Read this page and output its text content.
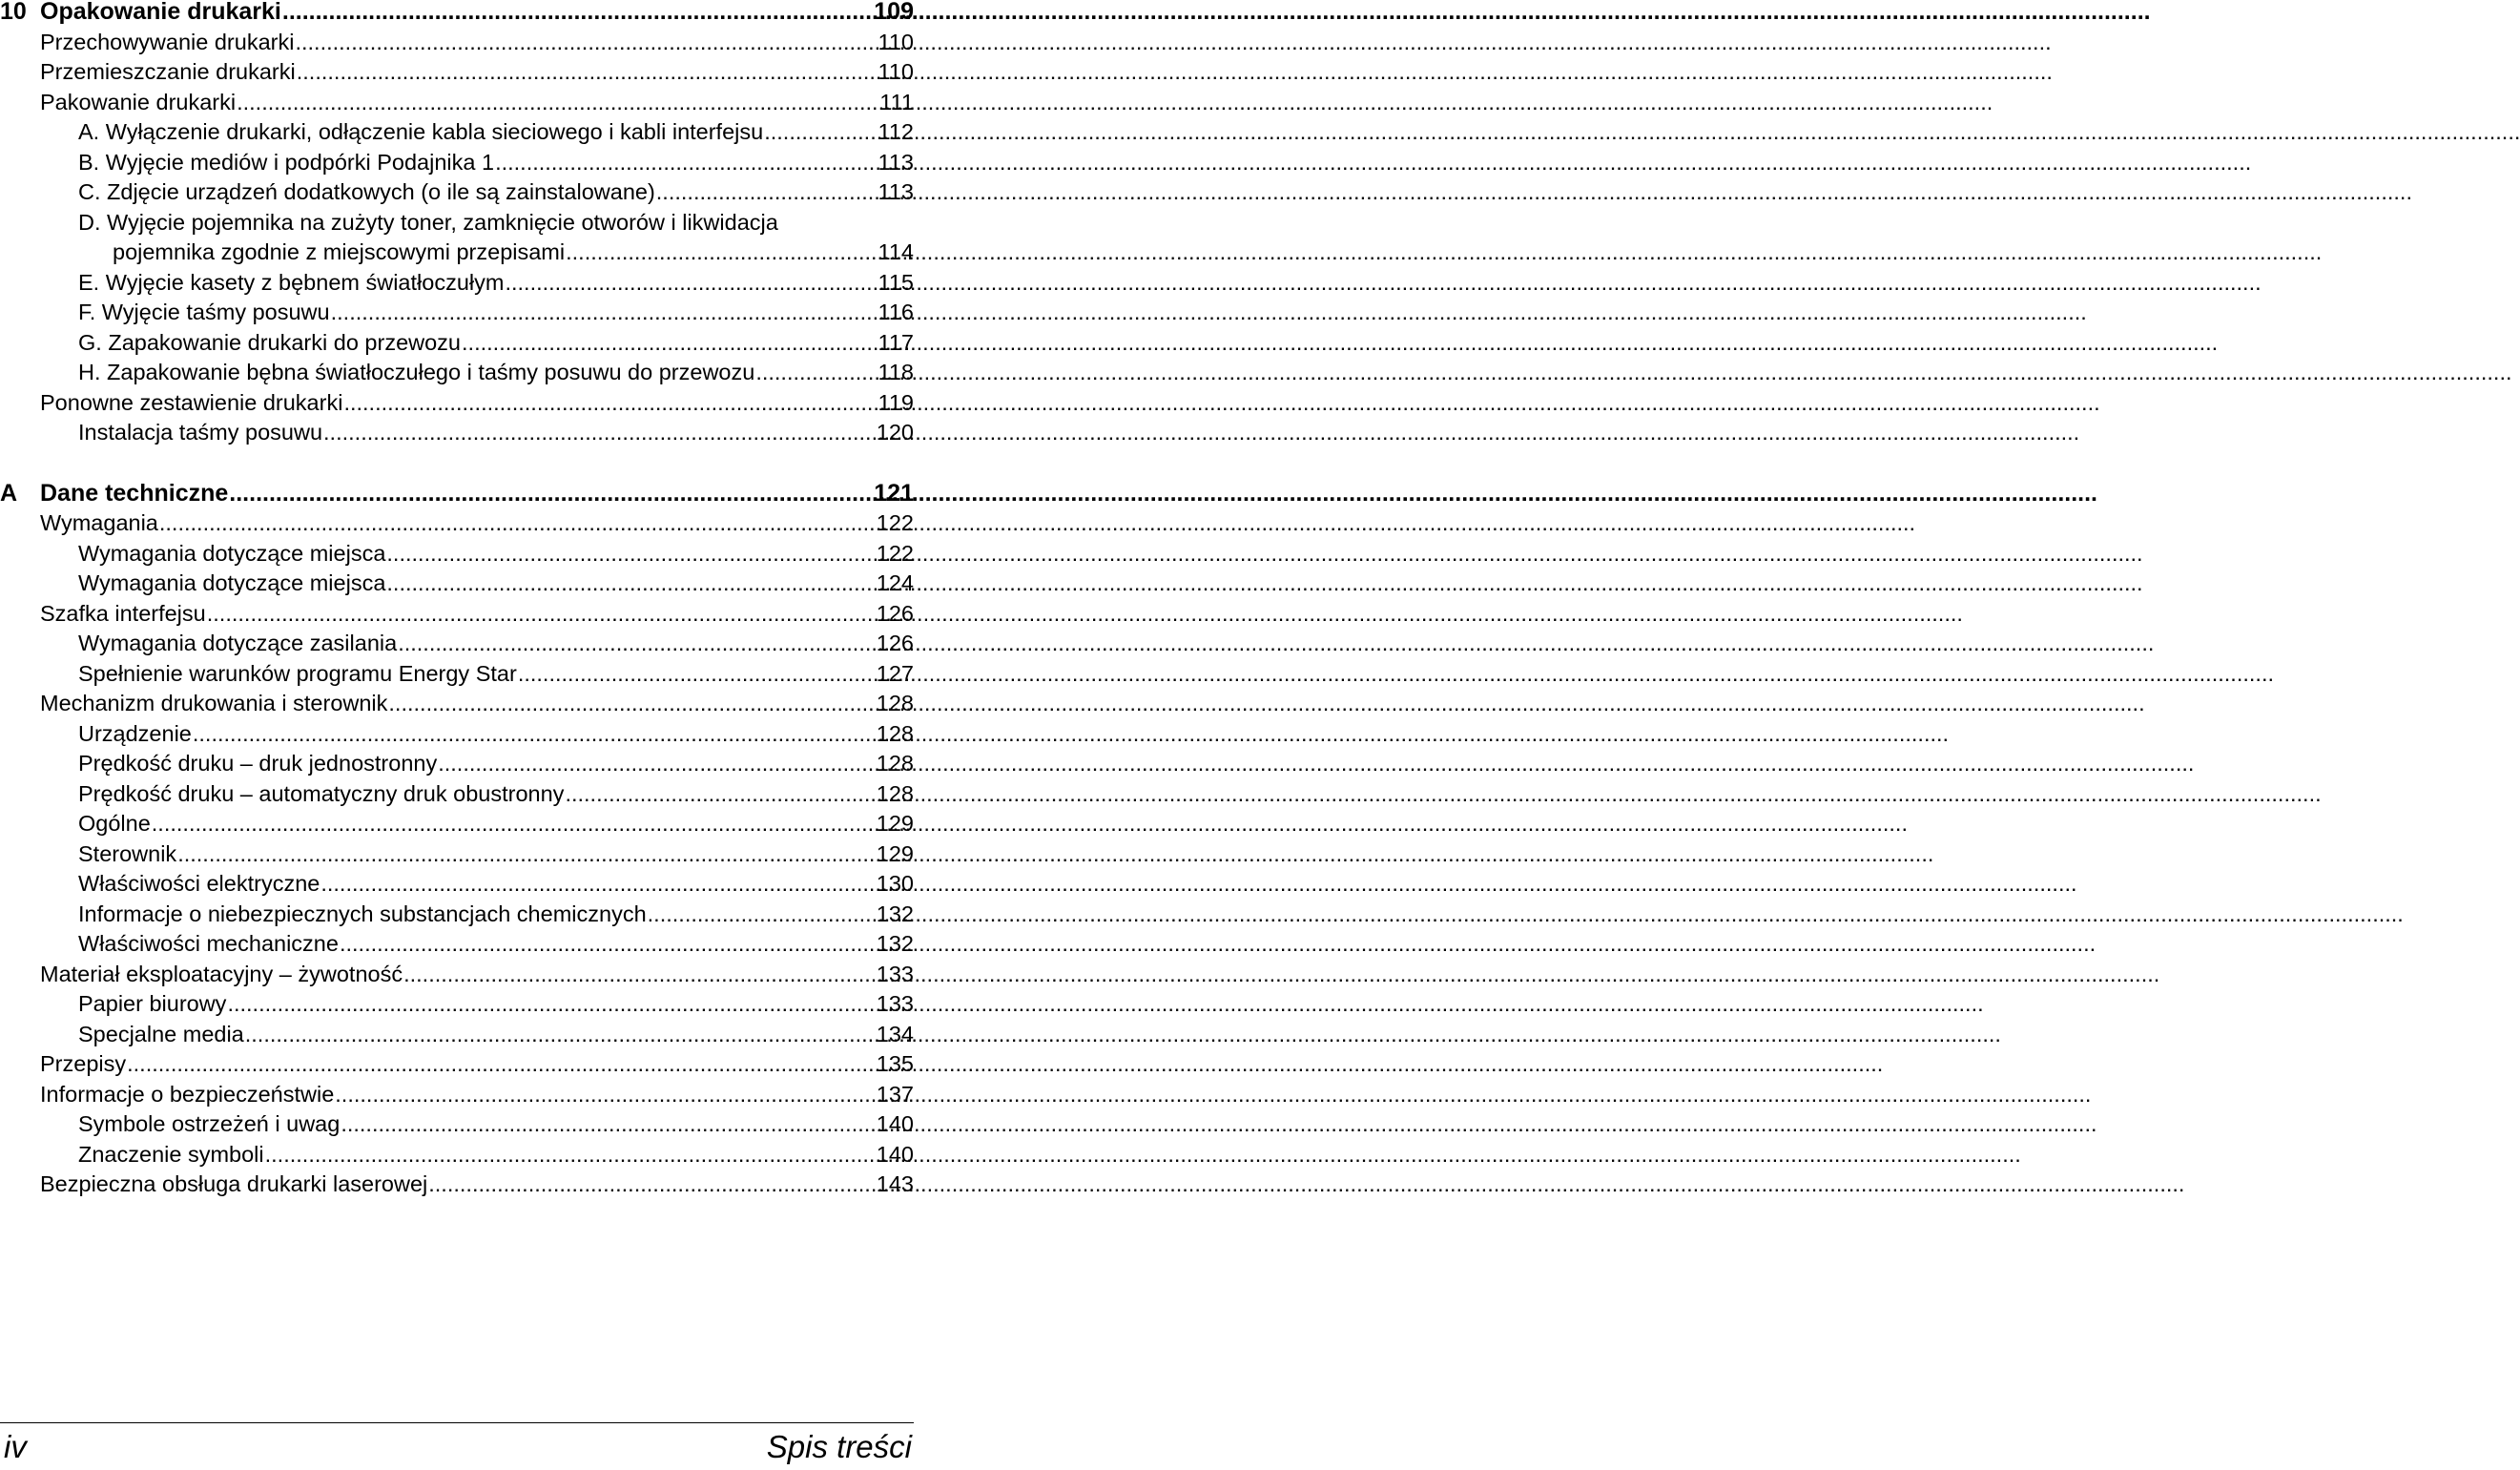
10 Opakowanie drukarki .....	109
Przechowywanie drukarki .....	110
Przemieszczanie drukarki .....	110
Pakowanie drukarki .....	111
A. Wyłączenie drukarki, odłączenie kabla sieciowego i kabli interfejsu .....	112
B. Wyjęcie mediów i podpórki Podajnika 1 .....	113
C. Zdjęcie urządzeń dodatkowych (o ile są zainstalowane) .....	113
D. Wyjęcie pojemnika na zużyty toner, zamknięcie otworów i likwidacja
pojemnika zgodnie z miejscowymi przepisami .....	114
E. Wyjęcie kasety z bębnem światłoczułym .....	115
F. Wyjęcie taśmy posuwu .....	116
G. Zapakowanie drukarki do przewozu .....	117
H. Zapakowanie bębna światłoczułego i taśmy posuwu do przewozu .....	118
Ponowne zestawienie drukarki .....	119
Instalacja taśmy posuwu .....	120
A Dane techniczne .....	121
Wymagania .....	122
Wymagania dotyczące miejsca .....	122
Wymagania dotyczące miejsca .....	124
Szafka interfejsu .....	126
Wymagania dotyczące zasilania .....	126
Spełnienie warunków programu Energy Star .....	127
Mechanizm drukowania i sterownik .....	128
Urządzenie .....	128
Prędkość druku – druk jednostronny .....	128
Prędkość druku – automatyczny druk obustronny .....	128
Ogólne .....	129
Sterownik .....	129
Właściwości elektryczne .....	130
Informacje o niebezpiecznych substancjach chemicznych .....	132
Właściwości mechaniczne .....	132
Materiał eksploatacyjny – żywotność .....	133
Papier biurowy .....	133
Specjalne media .....	134
Przepisy .....	135
Informacje o bezpieczeństwie .....	137
Symbole ostrzeżeń i uwag .....	140
Znaczenie symboli .....	140
Bezpieczna obsługa drukarki laserowej .....	143
iv	Spis treści
